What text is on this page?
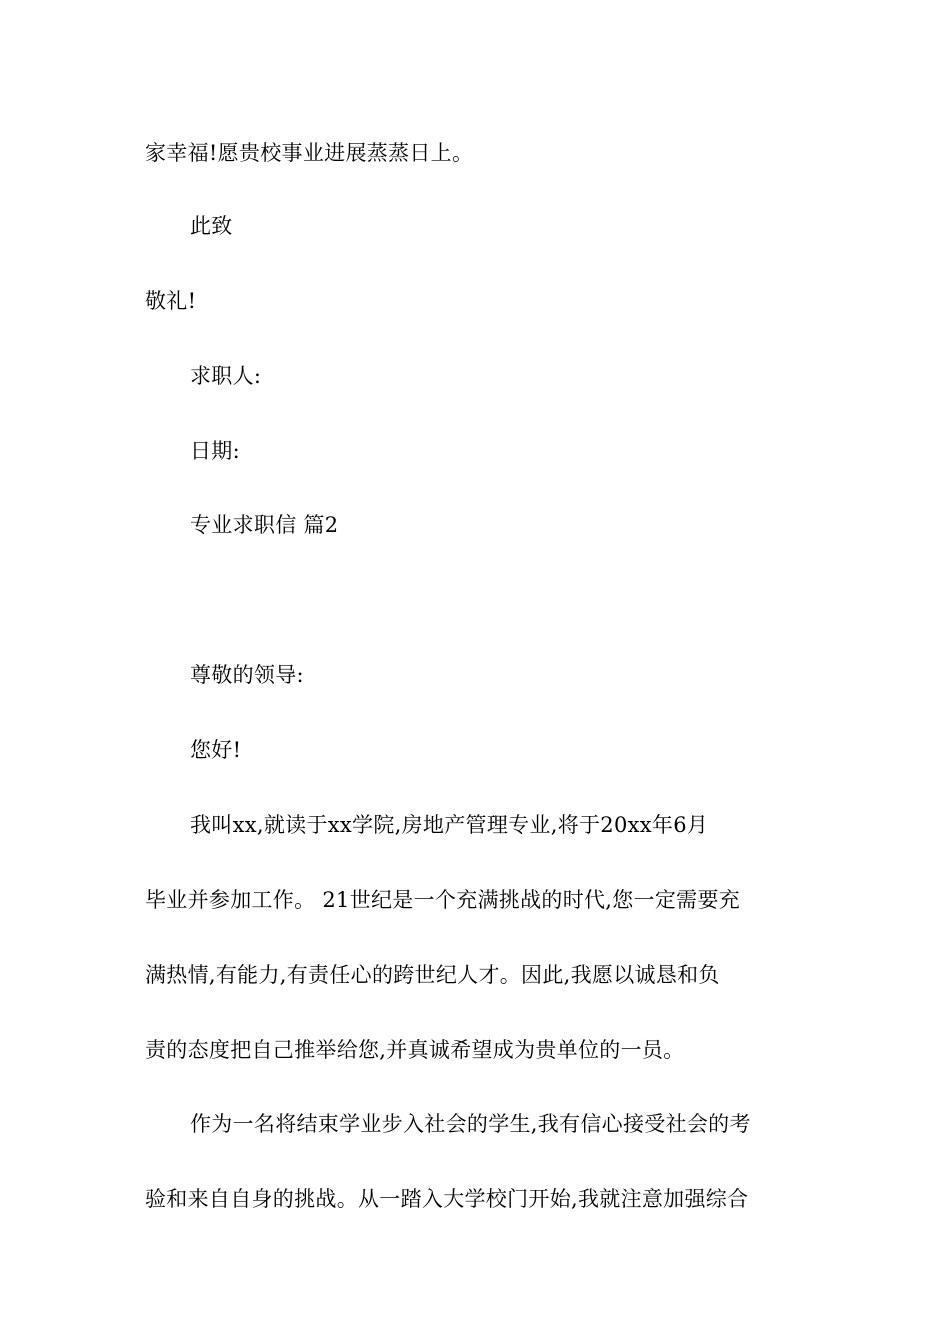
家幸福!愿贵校事业进展蒸蒸日上。
此致
敬礼!
求职人:
日期:
专业求职信 篇2
尊敬的领导:
您好!
我叫xx,就读于xx学院,房地产管理专业,将于20xx年6月
毕业并参加工作。 21世纪是一个充满挑战的时代,您一定需要充
满热情,有能力,有责任心的跨世纪人才。因此,我愿以诚恳和负
责的态度把自己推举给您,并真诚希望成为贵单位的一员。
作为一名将结束学业步入社会的学生,我有信心接受社会的考
验和来自自身的挑战。从一踏入大学校门开始,我就注意加强综合
